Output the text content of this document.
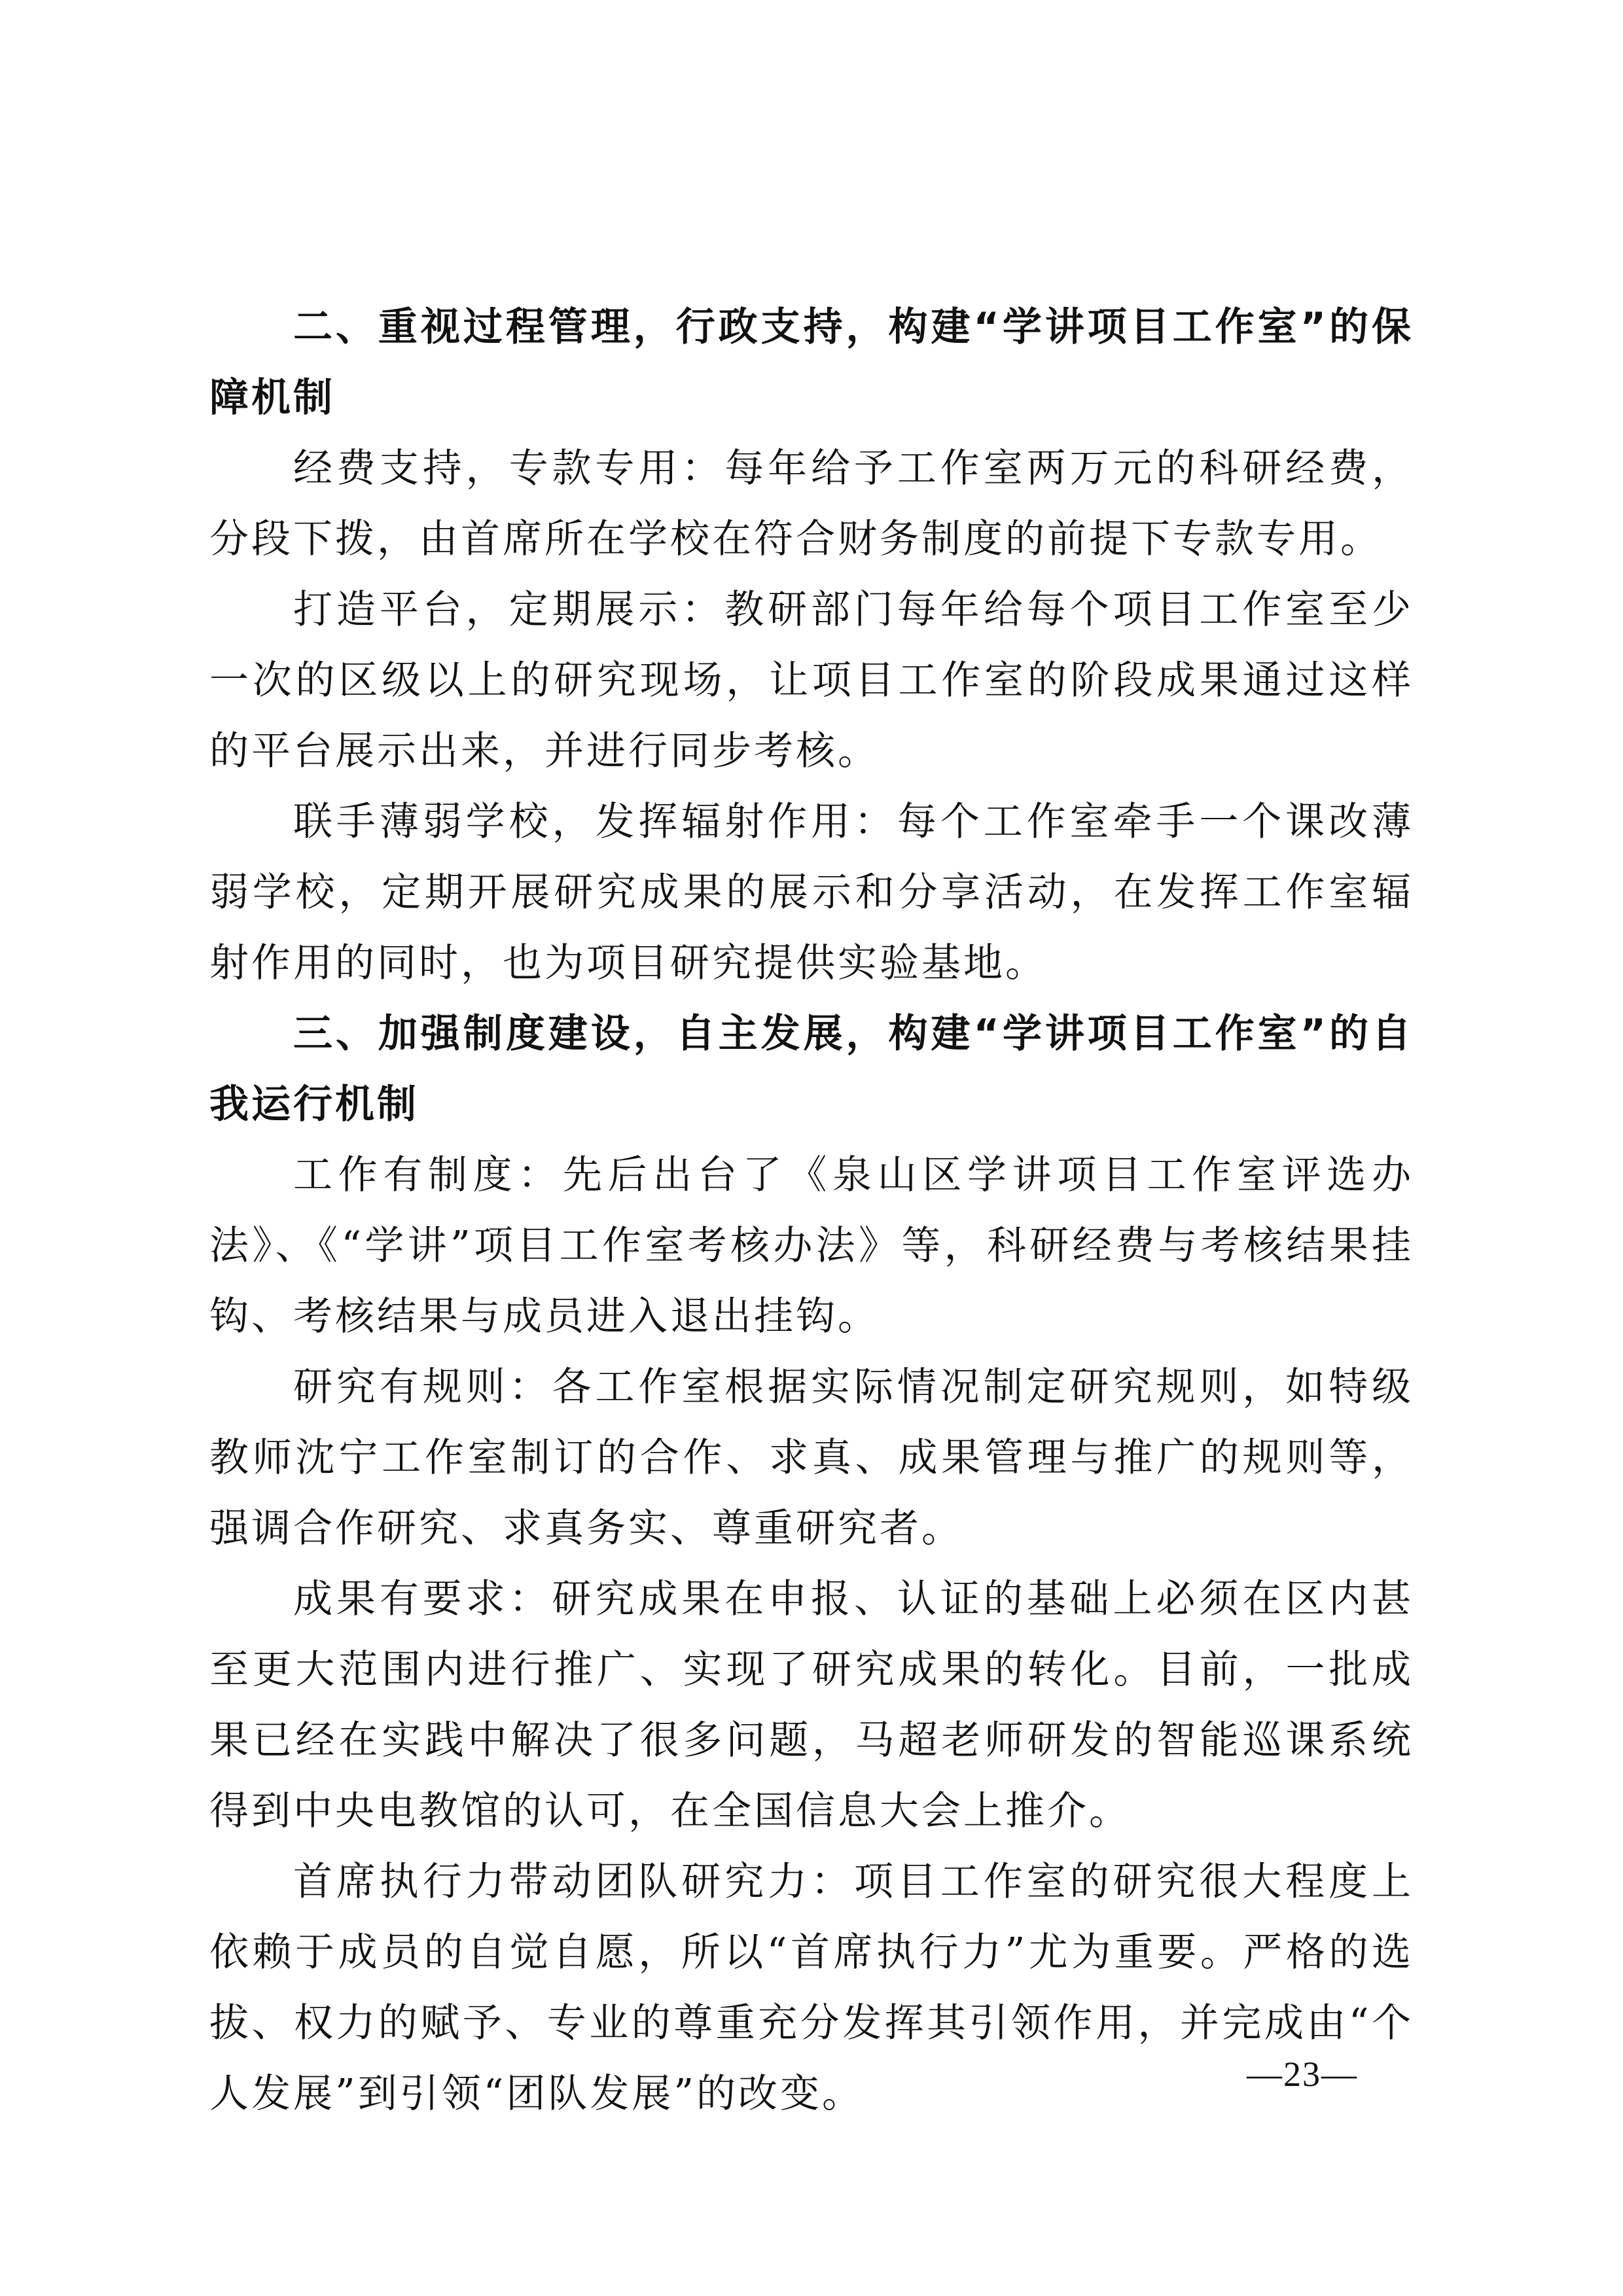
二、重视过程管理，行政支持，构建“学讲项目工作室”的保障机制

经费支持，专款专用：每年给予工作室两万元的科研经费，分段下拨，由首席所在学校在符合财务制度的前提下专款专用。

打造平台，定期展示：教研部门每年给每个项目工作室至少一次的区级以上的研究现场，让项目工作室的阶段成果通过这样的平台展示出来，并进行同步考核。

联手薄弱学校，发挥辐射作用：每个工作室牵手一个课改薄弱学校，定期开展研究成果的展示和分享活动，在发挥工作室辐射作用的同时，也为项目研究提供实验基地。

三、加强制度建设，自主发展，构建“学讲项目工作室”的自我运行机制

工作有制度：先后出台了《泉山区学讲项目工作室评选办法》、《“学讲”项目工作室考核办法》等，科研经费与考核结果挂钩、考核结果与成员进入退出挂钩。

研究有规则：各工作室根据实际情况制定研究规则，如特级教师沈宁工作室制订的合作、求真、成果管理与推广的规则等，强调合作研究、求真务实、尊重研究者。

成果有要求：研究成果在申报、认证的基础上必须在区内甚至更大范围内进行推广、实现了研究成果的转化。目前，一批成果已经在实践中解决了很多问题，马超老师研发的智能巡课系统得到中央电教馆的认可，在全国信息大会上推介。

首席执行力带动团队研究力：项目工作室的研究很大程度上依赖于成员的自觉自愿，所以“首席执行力”尤为重要。严格的选拔、权力的赋予、专业的尊重充分发挥其引领作用，并完成由“个人发展”到引领“团队发展”的改变。	—23—
